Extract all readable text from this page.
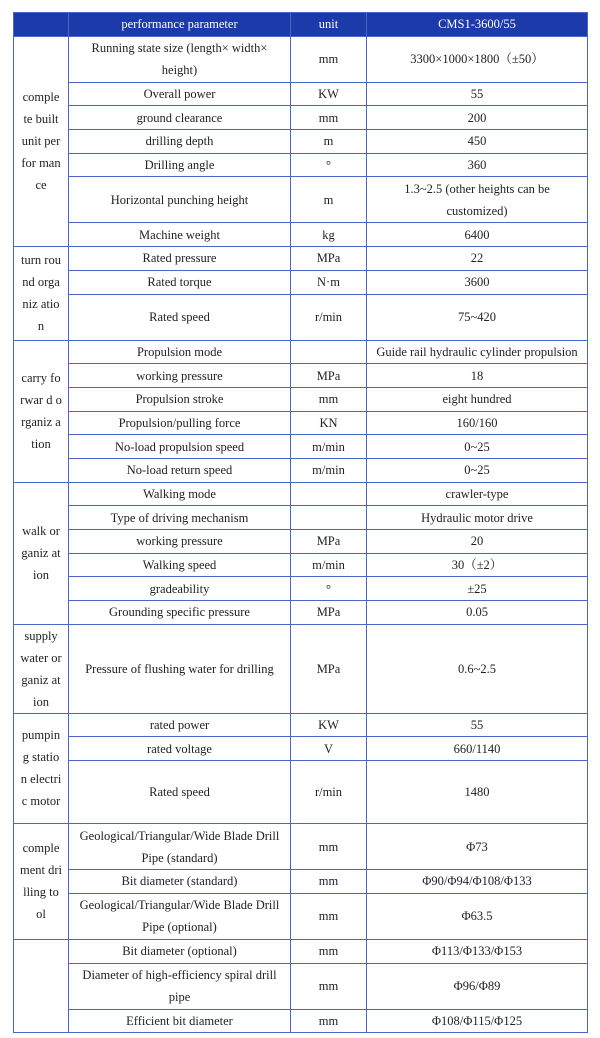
	performance parameter	unit	CMS1-3600/55
comple te built unit perfor mance	Running state size (length× width× height)	mm	3300×1000×1800（±50）
	Overall power	KW	55
	ground clearance	mm	200
	drilling depth	m	450
	Drilling angle	°	360
	Horizontal punching height	m	1.3~2.5 (other heights can be customized)
	Machine weight	kg	6400
turn round organiz ation	Rated pressure	MPa	22
	Rated torque	N·m	3600
	Rated speed	r/min	75~420
carry forwar d organiz ation	Propulsion mode		Guide rail hydraulic cylinder propulsion
	working pressure	MPa	18
	Propulsion stroke	mm	eight hundred
	Propulsion/pulling force	KN	160/160
	No-load propulsion speed	m/min	0~25
	No-load return speed	m/min	0~25
walk organiz ation	Walking mode		crawler-type
	Type of driving mechanism		Hydraulic motor drive
	working pressure	MPa	20
	Walking speed	m/min	30（±2）
	gradeability	°	±25
	Grounding specific pressure	MPa	0.05
supply water organiz ation	Pressure of flushing water for drilling	MPa	0.6~2.5
pumpin g station electric motor	rated power	KW	55
	rated voltage	V	660/1140
	Rated speed	r/min	1480
comple ment drilling tool	Geological/Triangular/Wide Blade Drill Pipe (standard)	mm	Φ73
	Bit diameter (standard)	mm	Φ90/Φ94/Φ108/Φ133
	Geological/Triangular/Wide Blade Drill Pipe (optional)	mm	Φ63.5
	Bit diameter (optional)	mm	Φ113/Φ133/Φ153
	Diameter of high-efficiency spiral drill pipe	mm	Φ96/Φ89
	Efficient bit diameter	mm	Φ108/Φ115/Φ125
